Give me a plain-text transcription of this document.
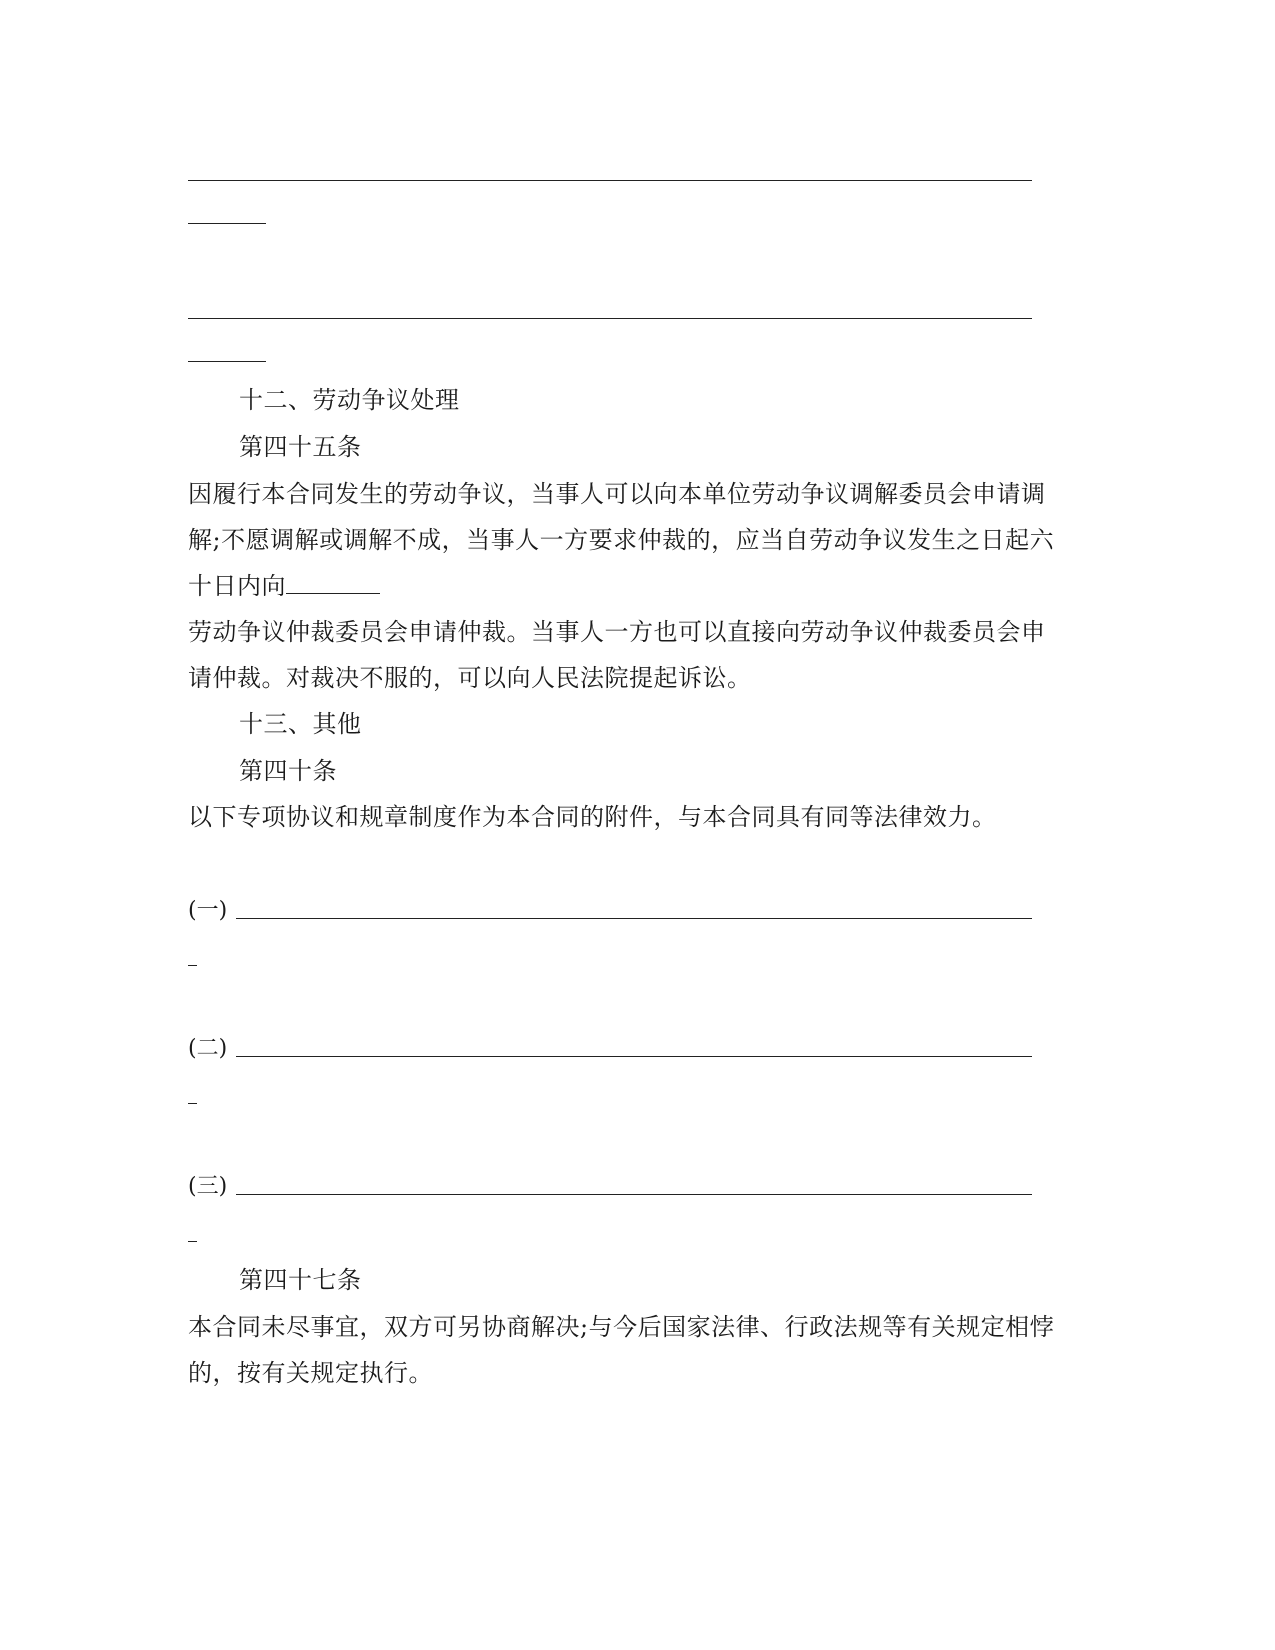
十二、劳动争议处理
第四十五条
因履行本合同发生的劳动争议，当事人可以向本单位劳动争议调解委员会申请调
解;不愿调解或调解不成，当事人一方要求仲裁的，应当自劳动争议发生之日起六
十日内向
劳动争议仲裁委员会申请仲裁。当事人一方也可以直接向劳动争议仲裁委员会申
请仲裁。对裁决不服的，可以向人民法院提起诉讼。
十三、其他
第四十条
以下专项协议和规章制度作为本合同的附件，与本合同具有同等法律效力。
(一)
(二)
(三)
第四十七条
本合同未尽事宜，双方可另协商解决;与今后国家法律、行政法规等有关规定相悖
的，按有关规定执行。
